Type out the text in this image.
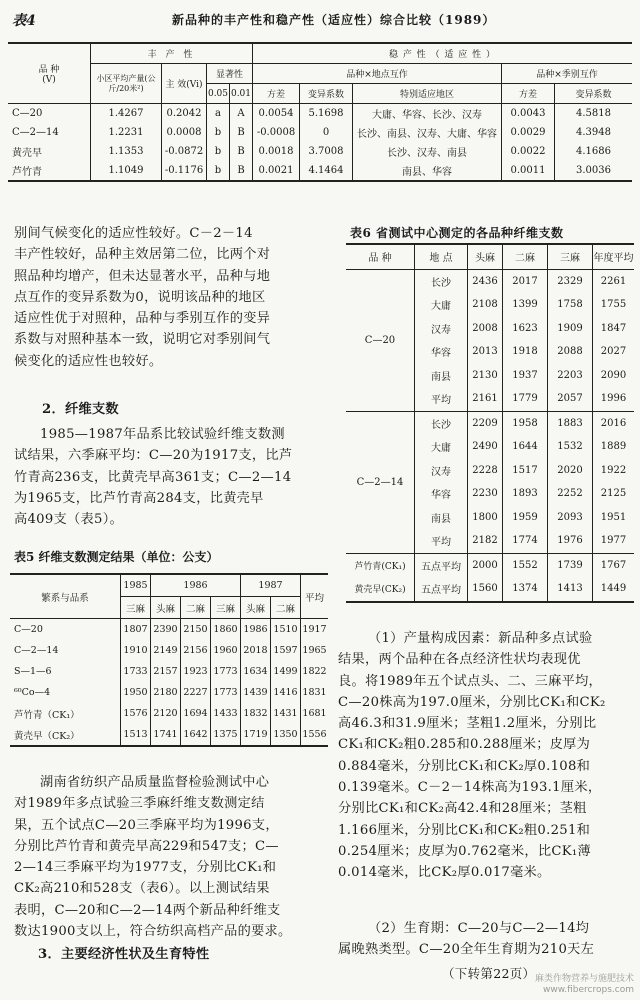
表4	新品种的丰产性和稳产性（适应性）综合比较（1989）
品 种
(V)	丰 产 性				稳 产 性 （ 适 应 性 ）				
	小区平均产量(公斤/20米²)	主 效(Vi)	显著性		品种×地点互作			品种×季别互作	
			0.05	0.01	方差	变异系数	特别适应地区	方差	变异系数
C—20	1.4267	0.2042	a	A	0.0054	5.1698	大庸、华容、长沙、汉寿	0.0043	4.5818
C—2—14	1.2231	0.0008	b	B	-0.0008	0	长沙、南县、汉寿、大庸、华容	0.0029	4.3948
黄壳早	1.1353	-0.0872	b	B	0.0018	3.7008	长沙、汉寿、南县	0.0022	4.1686
芦竹青	1.1049	-0.1176	b	B	0.0021	4.1464	南县、华容	0.0011	3.0036
别间气候变化的适应性较好。C－2－14
丰产性较好，品种主效居第二位，比两个对
照品种均增产，但未达显著水平，品种与地
点互作的变异系数为0，说明该品种的地区
适应性优于对照种，品种与季别互作的变异
系数与对照种基本一致，说明它对季别间气
候变化的适应性也较好。
2．纤维支数
1985—1987年品系比较试验纤维支数测
试结果，六季麻平均：C—20为1917支，比芦
竹青高236支，比黄壳早高361支；C—2—14
为1965支，比芦竹青高284支，比黄壳早
高409支（表5）。
表5 纤维支数测定结果（单位：公支）
繁系与品系	1985	1986			1987		平均
	三麻	头麻	二麻	三麻	头麻	二麻	
C—20	1807	2390	2150	1860	1986	1510	1917
C—2—14	1910	2149	2156	1960	2018	1597	1965
S—1—6	1733	2157	1923	1773	1634	1499	1822
⁶⁰Co—4	1950	2180	2227	1773	1439	1416	1831
芦竹青（CK₁）	1576	2120	1694	1433	1832	1431	1681
黄壳早（CK₂）	1513	1741	1642	1375	1719	1350	1556
湖南省纺织产品质量监督检验测试中心
对1989年多点试验三季麻纤维支数测定结
果，五个试点C—20三季麻平均为1996支，
分别比芦竹青和黄壳早高229和547支；C—
2—14三季麻平均为1977支，分别比CK₁和
CK₂高210和528支（表6）。以上测试结果
表明，C—20和C—2—14两个新品种纤维支
数达1900支以上，符合纺织高档产品的要求。
3．主要经济性状及生育特性
表6 省测试中心测定的各品种纤维支数
品 种	地 点	头麻	二麻	三麻	年度平均
C—20	长沙	2436	2017	2329	2261
	大庸	2108	1399	1758	1755
	汉寿	2008	1623	1909	1847
	华容	2013	1918	2088	2027
	南县	2130	1937	2203	2090
	平均	2161	1779	2057	1996
C—2—14	长沙	2209	1958	1883	2016
	大庸	2490	1644	1532	1889
	汉寿	2228	1517	2020	1922
	华容	2230	1893	2252	2125
	南县	1800	1959	2093	1951
	平均	2182	1774	1976	1977
芦竹青(CK₁)	五点平均	2000	1552	1739	1767
黄壳早(CK₂)	五点平均	1560	1374	1413	1449
（1）产量构成因素：新品种多点试验
结果，两个品种在各点经济性状均表现优
良。将1989年五个试点头、二、三麻平均，
C—20株高为197.0厘米，分别比CK₁和CK₂
高46.3和31.9厘米；茎粗1.2厘米，分别比
CK₁和CK₂粗0.285和0.288厘米；皮厚为
0.884毫米，分别比CK₁和CK₂厚0.108和
0.139毫米。C－2－14株高为193.1厘米，
分别比CK₁和CK₂高42.4和28厘米；茎粗
1.166厘米，分别比CK₁和CK₂粗0.251和
0.254厘米；皮厚为0.762毫米，比CK₁薄
0.014毫米，比CK₂厚0.017毫米。
（2）生育期：C—20与C—2—14均
属晚熟类型。C—20全年生育期为210天左
（下转第22页） 麻类作物营养与施肥技术
www.fibercrops.com
